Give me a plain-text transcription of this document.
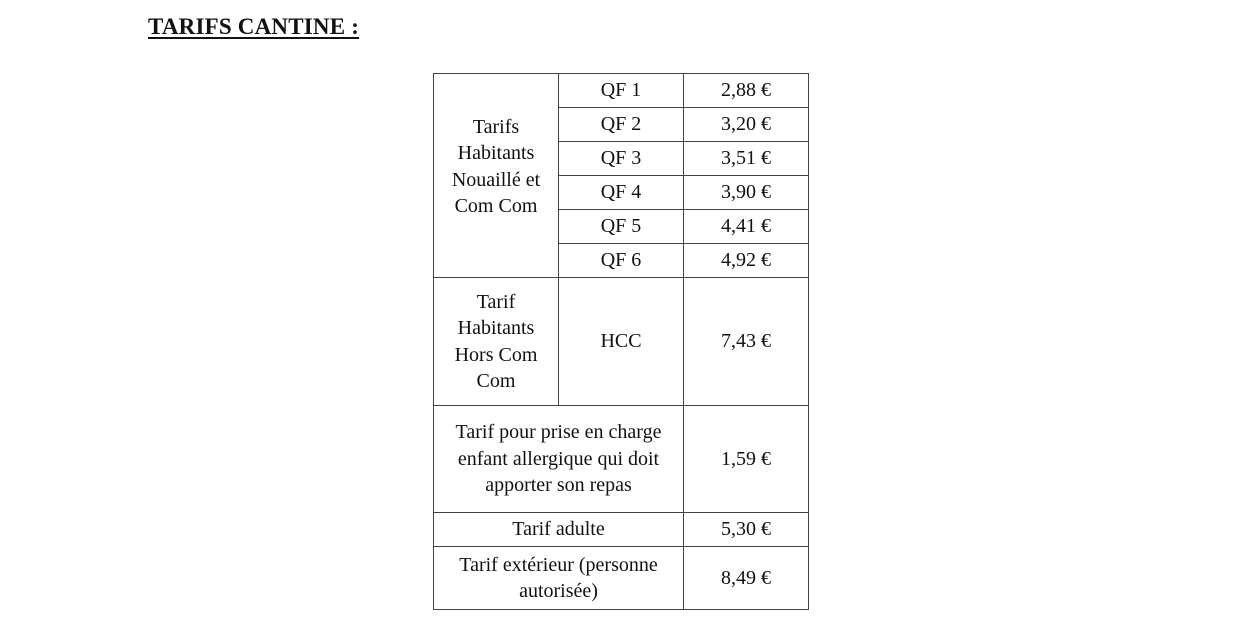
TARIFS CANTINE :
Tarifs Habitants Nouaillé et Com Com	QF 1	2,88 €
	QF 2	3,20 €
	QF 3	3,51 €
	QF 4	3,90 €
	QF 5	4,41 €
	QF 6	4,92 €
Tarif Habitants Hors Com Com	HCC	7,43 €
Tarif pour prise en charge enfant allergique qui doit apporter son repas		1,59 €
Tarif adulte		5,30 €
Tarif extérieur (personne autorisée)		8,49 €
